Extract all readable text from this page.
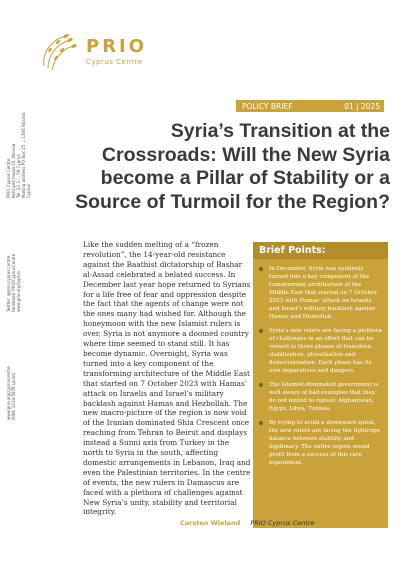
PRIO
Cyprus Centre
PRIO Cyprus Centre
Kehsiyek hooza 20, Nicosia
Tel: 22 3 ... 59 Cyprus
Mailing address PO Box 25 ... 1306 Nicosia
Cyprus
Twitter: @prio.cyprus.centre
Facebook: PRIOCyprusCentre
www.prio.org/cyprus
www.prio.org/cypruscentre
ISSN: 1234-5678 (print)
POLICY BRIEF	01 | 2025
Syria’s Transition at the Crossroads: Will the New Syria become a Pillar of Stability or a Source of Turmoil for the Region?

Like the sudden melting of a “frozen revolution”, the 14-year-old resistance against the Baathist dictatorship of Bashar al-Assad celebrated a belated success. In December last year hope returned to Syrians for a life free of fear and oppression despite the fact that the agents of change were not the ones many had wished for. Although the honeymoon with the new Islamist rulers is over, Syria is not anymore a doomed country where time seemed to stand still. It has become dynamic. Overnight, Syria was turned into a key component of the transforming architecture of the Middle East that started on 7 October 2023 with Hamas’ attack on Israelis and Israel’s military backlash against Hamas and Hezbollah. The new macro-picture of the region is now void of the Iranian dominated Shia Crescent once reaching from Tehran to Beirut and displays instead a Sunni axis from Turkey in the north to Syria in the south, affecting domestic arrangements in Lebanon, Iraq and even the Palestinian territories. In the centre of events, the new rulers in Damascus are faced with a plethora of challenges against New Syria’s unity, stability and territorial integrity.

Brief Points:
In December, Syria was suddenly turned into a key component of the transforming architecture of the Middle East that started on 7 October 2023 with Hamas’ attack on Israelis and Israel’s military backlash against Hamas and Hezbollah.
Syria’s new rulers are facing a plethora of challenges in an effort that can be viewed in three phases of transition: stabilization, pluralization and democratization. Each phase has its own imperatives and dangers.
The Islamist-dominated government is well aware of bad examples that they do not intend to repeat: Afghanistan, Egypt, Libya, Tunisia.
By trying to avoid a downward spiral, the new rulers are facing the tightrope balance between stability and legitimacy. The entire region would profit from a success of this rare experiment.
Carsten Wieland PRIO Cyprus Centre
